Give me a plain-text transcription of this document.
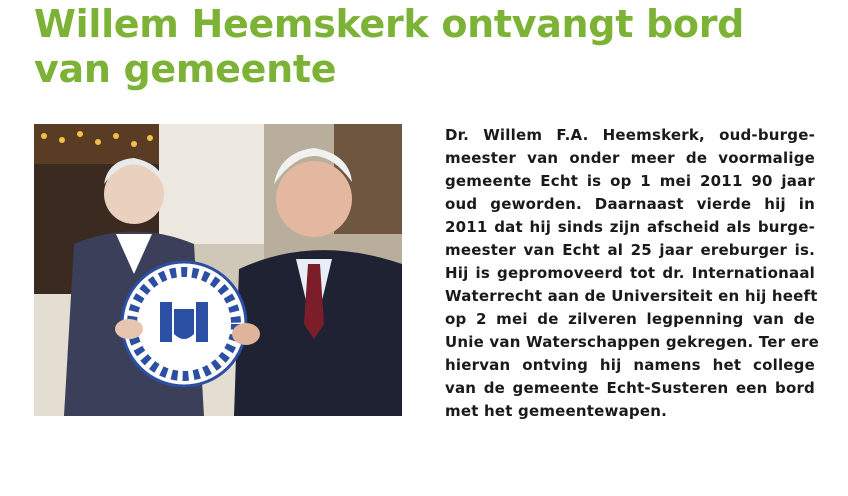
Willem Heemskerk ontvangt bord
van gemeente
Dr. Willem F.A. Heemskerk, oud-burge-
meester van onder meer de voormalige
gemeente Echt is op 1 mei 2011 90 jaar
oud geworden. Daarnaast vierde hij in
2011 dat hij sinds zijn afscheid als burge-
meester van Echt al 25 jaar ereburger is.
Hij is gepromoveerd tot dr. Internationaal
Waterrecht aan de Universiteit en hij heeft
op 2 mei de zilveren legpenning van de
Unie van Waterschappen gekregen. Ter ere
hiervan ontving hij namens het college
van de gemeente Echt-Susteren een bord
met het gemeentewapen.
